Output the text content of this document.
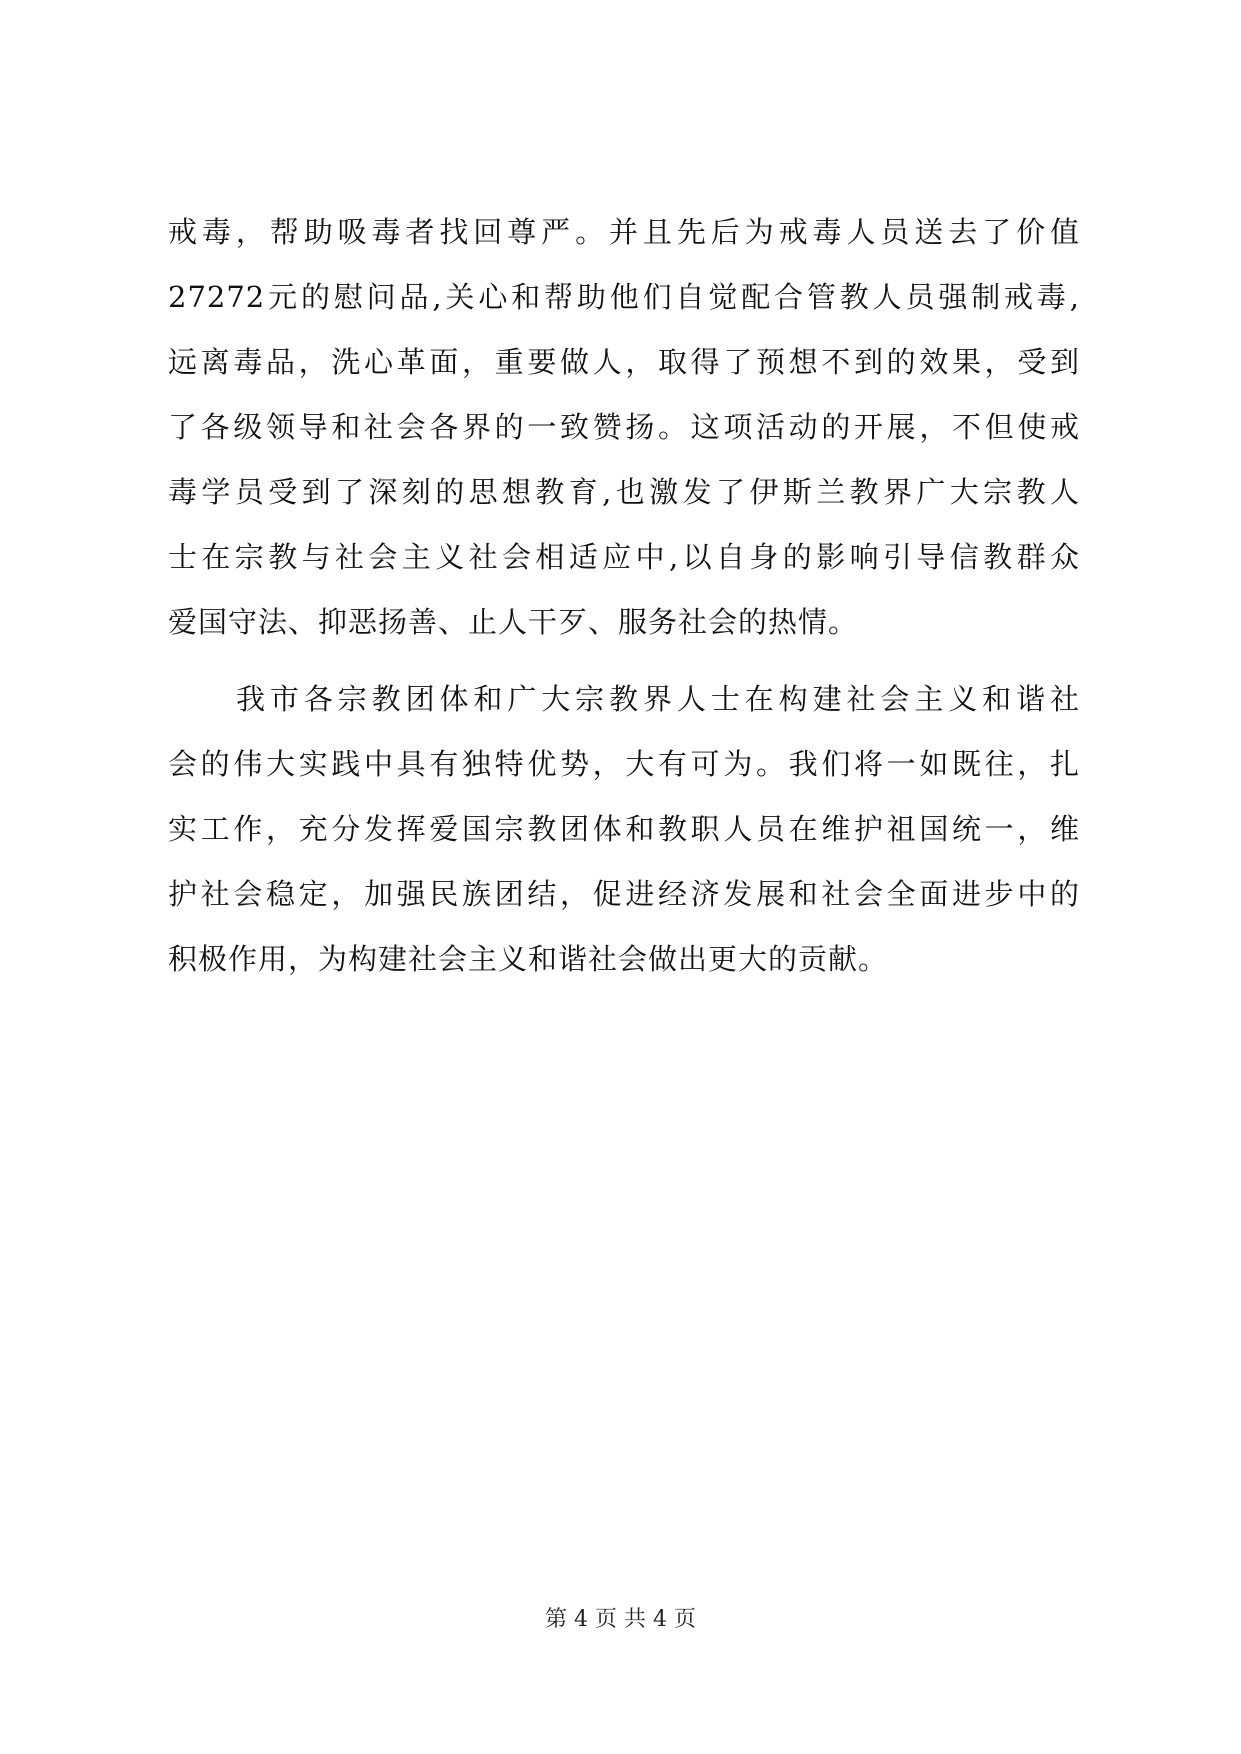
戒毒，帮助吸毒者找回尊严。并且先后为戒毒人员送去了价值
27272元的慰问品,关心和帮助他们自觉配合管教人员强制戒毒,
远离毒品，洗心革面，重要做人，取得了预想不到的效果，受到
了各级领导和社会各界的一致赞扬。这项活动的开展，不但使戒
毒学员受到了深刻的思想教育,也激发了伊斯兰教界广大宗教人
士在宗教与社会主义社会相适应中,以自身的影响引导信教群众
爱国守法、抑恶扬善、止人干歹、服务社会的热情。
我市各宗教团体和广大宗教界人士在构建社会主义和谐社
会的伟大实践中具有独特优势，大有可为。我们将一如既往，扎
实工作，充分发挥爱国宗教团体和教职人员在维护祖国统一，维
护社会稳定，加强民族团结，促进经济发展和社会全面进步中的
积极作用，为构建社会主义和谐社会做出更大的贡献。
第 4 页 共 4 页
